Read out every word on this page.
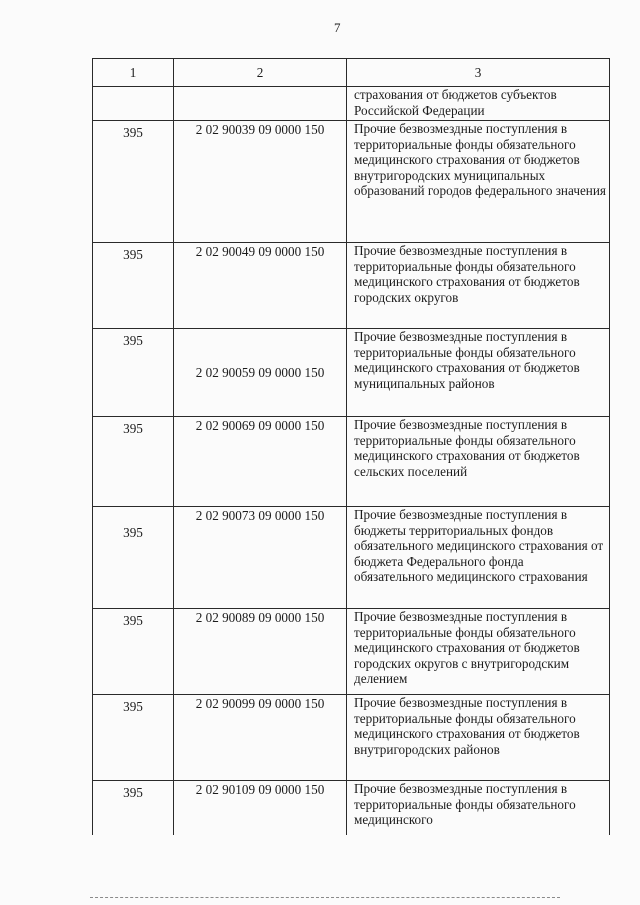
7
1	2	3
		страхования от бюджетов субъектов Российской Федерации
395	2 02 90039 09 0000 150	Прочие безвозмездные поступления в территориальные фонды обязательного медицинского страхования от бюджетов внутригородских муниципальных образований городов федерального значения
395	2 02 90049 09 0000 150	Прочие безвозмездные поступления в территориальные фонды обязательного медицинского страхования от бюджетов городских округов
395	2 02 90059 09 0000 150	Прочие безвозмездные поступления в территориальные фонды обязательного медицинского страхования от бюджетов муниципальных районов
395	2 02 90069 09 0000 150	Прочие безвозмездные поступления в территориальные фонды обязательного медицинского страхования от бюджетов сельских поселений
395	2 02 90073 09 0000 150	Прочие безвозмездные поступления в бюджеты территориальных фондов обязательного медицинского страхования от бюджета Федерального фонда обязательного медицинского страхования
395	2 02 90089 09 0000 150	Прочие безвозмездные поступления в территориальные фонды обязательного медицинского страхования от бюджетов городских округов с внутригородским делением
395	2 02 90099 09 0000 150	Прочие безвозмездные поступления в территориальные фонды обязательного медицинского страхования от бюджетов внутригородских районов
395	2 02 90109 09 0000 150	Прочие безвозмездные поступления в территориальные фонды обязательного медицинского
